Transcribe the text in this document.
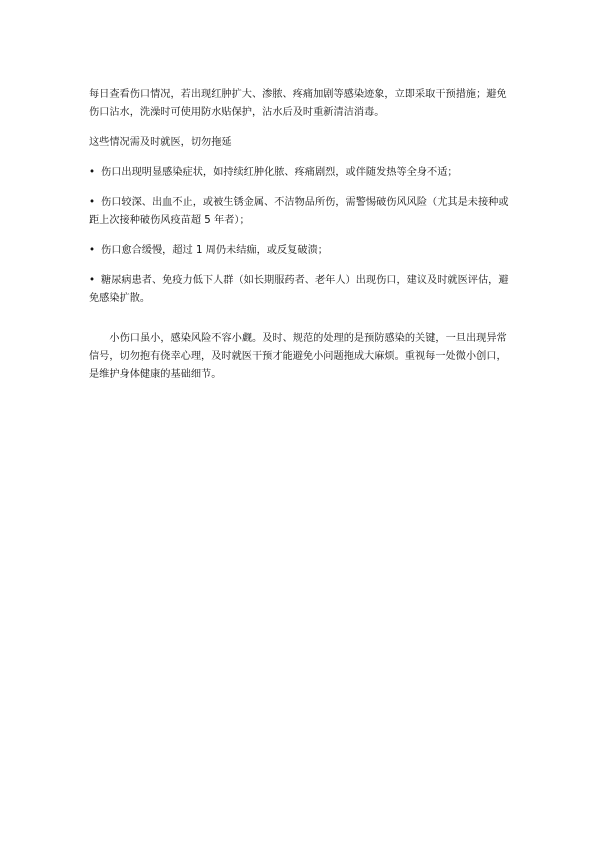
每日查看伤口情况，若出现红肿扩大、渗脓、疼痛加剧等感染迹象，立即采取干预措施；避免伤口沾水，洗澡时可使用防水贴保护，沾水后及时重新清洁消毒。

这些情况需及时就医，切勿拖延

• 伤口出现明显感染症状，如持续红肿化脓、疼痛剧烈，或伴随发热等全身不适；

• 伤口较深、出血不止，或被生锈金属、不洁物品所伤，需警惕破伤风风险（尤其是未接种或距上次接种破伤风疫苗超 5 年者）；

• 伤口愈合缓慢，超过 1 周仍未结痂，或反复破溃；

• 糖尿病患者、免疫力低下人群（如长期服药者、老年人）出现伤口，建议及时就医评估，避免感染扩散。

小伤口虽小，感染风险不容小觑。及时、规范的处理的是预防感染的关键，一旦出现异常信号，切勿抱有侥幸心理，及时就医干预才能避免小问题拖成大麻烦。重视每一处微小创口，是维护身体健康的基础细节。
